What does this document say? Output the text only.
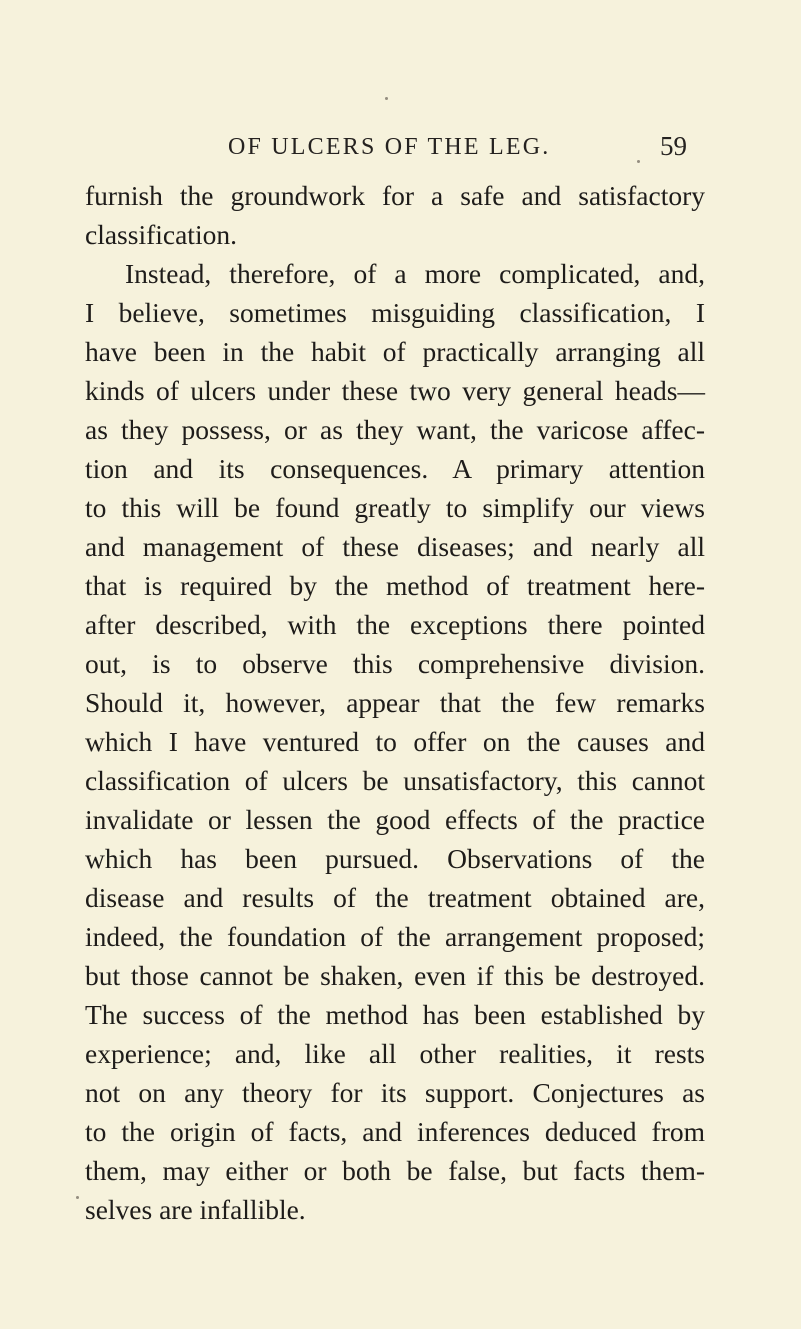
OF ULCERS OF THE LEG.	59
furnish the groundwork for a safe and satisfactory
classification.
Instead, therefore, of a more complicated, and,
I believe, sometimes misguiding classification, I
have been in the habit of practically arranging all
kinds of ulcers under these two very general heads—
as they possess, or as they want, the varicose affec-
tion and its consequences. A primary attention
to this will be found greatly to simplify our views
and management of these diseases; and nearly all
that is required by the method of treatment here-
after described, with the exceptions there pointed
out, is to observe this comprehensive division.
Should it, however, appear that the few remarks
which I have ventured to offer on the causes and
classification of ulcers be unsatisfactory, this cannot
invalidate or lessen the good effects of the practice
which has been pursued. Observations of the
disease and results of the treatment obtained are,
indeed, the foundation of the arrangement proposed;
but those cannot be shaken, even if this be destroyed.
The success of the method has been established by
experience; and, like all other realities, it rests
not on any theory for its support. Conjectures as
to the origin of facts, and inferences deduced from
them, may either or both be false, but facts them-
selves are infallible.
